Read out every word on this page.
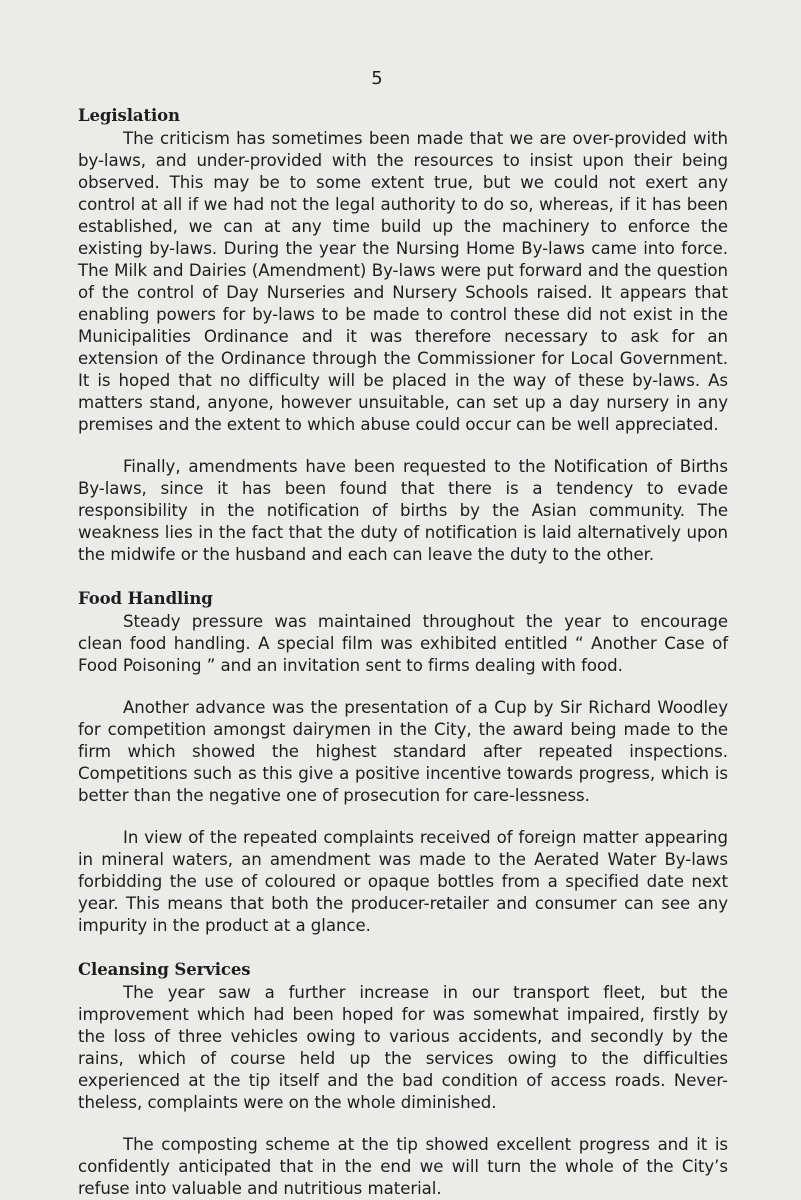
5
Legislation

The criticism has sometimes been made that we are over-provided with by-laws, and under-provided with the resources to insist upon their being observed. This may be to some extent true, but we could not exert any control at all if we had not the legal authority to do so, whereas, if it has been established, we can at any time build up the machinery to enforce the existing by-laws. During the year the Nursing Home By-laws came into force. The Milk and Dairies (Amendment) By-laws were put forward and the question of the control of Day Nurseries and Nursery Schools raised. It appears that enabling powers for by-laws to be made to control these did not exist in the Municipalities Ordinance and it was therefore necessary to ask for an extension of the Ordinance through the Commissioner for Local Government. It is hoped that no difficulty will be placed in the way of these by-laws. As matters stand, anyone, however unsuitable, can set up a day nursery in any premises and the extent to which abuse could occur can be well appreciated.

Finally, amendments have been requested to the Notification of Births By-laws, since it has been found that there is a tendency to evade responsibility in the notification of births by the Asian community. The weakness lies in the fact that the duty of notification is laid alternatively upon the midwife or the husband and each can leave the duty to the other.

Food Handling

Steady pressure was maintained throughout the year to encourage clean food handling. A special film was exhibited entitled “ Another Case of Food Poisoning ” and an invitation sent to firms dealing with food.

Another advance was the presentation of a Cup by Sir Richard Woodley for competition amongst dairymen in the City, the award being made to the firm which showed the highest standard after repeated inspections. Competitions such as this give a positive incentive towards progress, which is better than the negative one of prosecution for care-lessness.

In view of the repeated complaints received of foreign matter appearing in mineral waters, an amendment was made to the Aerated Water By-laws forbidding the use of coloured or opaque bottles from a specified date next year. This means that both the producer-retailer and consumer can see any impurity in the product at a glance.

Cleansing Services

The year saw a further increase in our transport fleet, but the improvement which had been hoped for was somewhat impaired, firstly by the loss of three vehicles owing to various accidents, and secondly by the rains, which of course held up the services owing to the difficulties experienced at the tip itself and the bad condition of access roads. Never-theless, complaints were on the whole diminished.

The composting scheme at the tip showed excellent progress and it is confidently anticipated that in the end we will turn the whole of the City’s refuse into valuable and nutritious material.
